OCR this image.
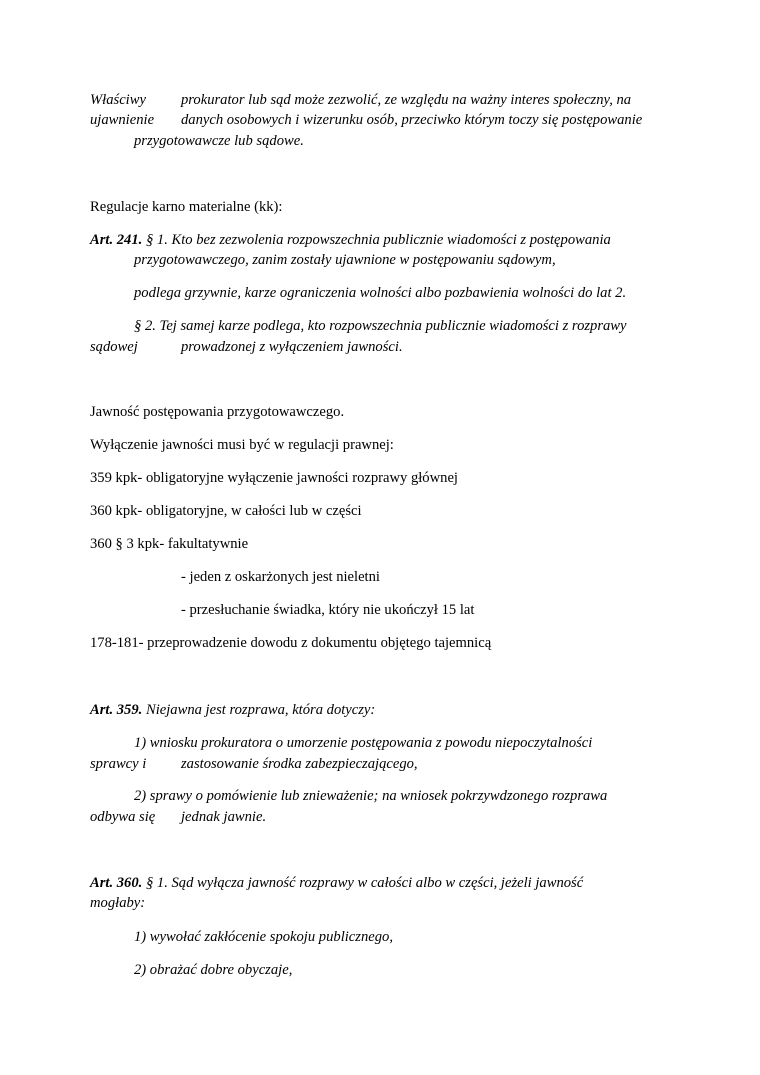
Właściwy prokurator lub sąd może zezwolić, ze względu na ważny interes społeczny, na
ujawnienie danych osobowych i wizerunku osób, przeciwko którym toczy się postępowanie
przygotowawcze lub sądowe.
Regulacje karno materialne (kk):
Art. 241. § 1. Kto bez zezwolenia rozpowszechnia publicznie wiadomości z postępowania
przygotowawczego, zanim zostały ujawnione w postępowaniu sądowym,
podlega grzywnie, karze ograniczenia wolności albo pozbawienia wolności do lat 2.
§ 2. Tej samej karze podlega, kto rozpowszechnia publicznie wiadomości z rozprawy
sądowej	prowadzonej z wyłączeniem jawności.
Jawność postępowania przygotowawczego.
Wyłączenie jawności musi być w regulacji prawnej:
359 kpk- obligatoryjne wyłączenie jawności rozprawy głównej
360 kpk- obligatoryjne, w całości lub w części
360 § 3 kpk- fakultatywnie
- jeden z oskarżonych jest nieletni
- przesłuchanie świadka, który nie ukończył 15 lat
178-181- przeprowadzenie dowodu z dokumentu objętego tajemnicą
Art. 359. Niejawna jest rozprawa, która dotyczy:
1) wniosku prokuratora o umorzenie postępowania z powodu niepoczytalności
sprawcy i zastosowanie środka zabezpieczającego,
2) sprawy o pomówienie lub znieważenie; na wniosek pokrzywdzonego rozprawa
odbywa się jednak jawnie.
Art. 360. § 1. Sąd wyłącza jawność rozprawy w całości albo w części, jeżeli jawność
mogłaby:
1) wywołać zakłócenie spokoju publicznego,
2) obrażać dobre obyczaje,
